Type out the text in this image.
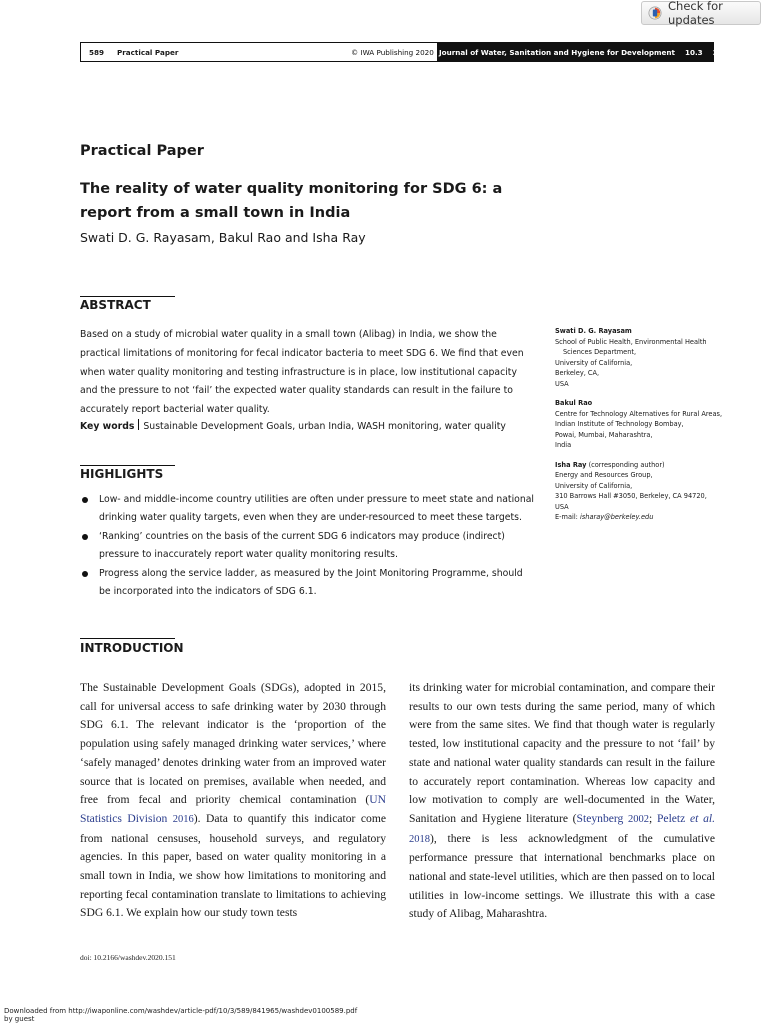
Check for updates
589 Practical Paper	© IWA Publishing 2020 Journal of Water, Sanitation and Hygiene for Development 10.3 2020
Practical Paper
The reality of water quality monitoring for SDG 6: a report from a small town in India
Swati D. G. Rayasam, Bakul Rao and Isha Ray
ABSTRACT
Based on a study of microbial water quality in a small town (Alibag) in India, we show the practical limitations of monitoring for fecal indicator bacteria to meet SDG 6. We find that even when water quality monitoring and testing infrastructure is in place, low institutional capacity and the pressure to not ‘fail’ the expected water quality standards can result in the failure to accurately report bacterial water quality.
Key words Sustainable Development Goals, urban India, WASH monitoring, water quality
Swati D. G. Rayasam
School of Public Health, Environmental Health
Sciences Department,
University of California,
Berkeley, CA,
USA
Bakul Rao
Centre for Technology Alternatives for Rural Areas,
Indian Institute of Technology Bombay,
Powai, Mumbai, Maharashtra,
India
Isha Ray (corresponding author)
Energy and Resources Group,
University of California,
310 Barrows Hall #3050, Berkeley, CA 94720,
USA
E-mail: isharay@berkeley.edu
HIGHLIGHTS
Low- and middle-income country utilities are often under pressure to meet state and national drinking water quality targets, even when they are under-resourced to meet these targets.
‘Ranking’ countries on the basis of the current SDG 6 indicators may produce (indirect) pressure to inaccurately report water quality monitoring results.
Progress along the service ladder, as measured by the Joint Monitoring Programme, should be incorporated into the indicators of SDG 6.1.
INTRODUCTION
The Sustainable Development Goals (SDGs), adopted in 2015, call for universal access to safe drinking water by 2030 through SDG 6.1. The relevant indicator is the ‘proportion of the population using safely managed drinking water services,’ where ‘safely managed’ denotes drinking water from an improved water source that is located on premises, available when needed, and free from fecal and priority chemical contamination (UN Statistics Division 2016). Data to quantify this indicator come from national censuses, household surveys, and regulatory agencies. In this paper, based on water quality monitoring in a small town in India, we show how limitations to monitoring and reporting fecal contamination translate to limitations to achieving SDG 6.1. We explain how our study town tests
its drinking water for microbial contamination, and compare their results to our own tests during the same period, many of which were from the same sites. We find that though water is regularly tested, low institutional capacity and the pressure to not ‘fail’ by state and national water quality standards can result in the failure to accurately report contamination. Whereas low capacity and low motivation to comply are well-documented in the Water, Sanitation and Hygiene literature (Steynberg 2002; Peletz et al. 2018), there is less acknowledgment of the cumulative performance pressure that international benchmarks place on national and state-level utilities, which are then passed on to local utilities in low-income settings. We illustrate this with a case study of Alibag, Maharashtra.
doi: 10.2166/washdev.2020.151
Downloaded from http://iwaponline.com/washdev/article-pdf/10/3/589/841965/washdev0100589.pdf
by guest
